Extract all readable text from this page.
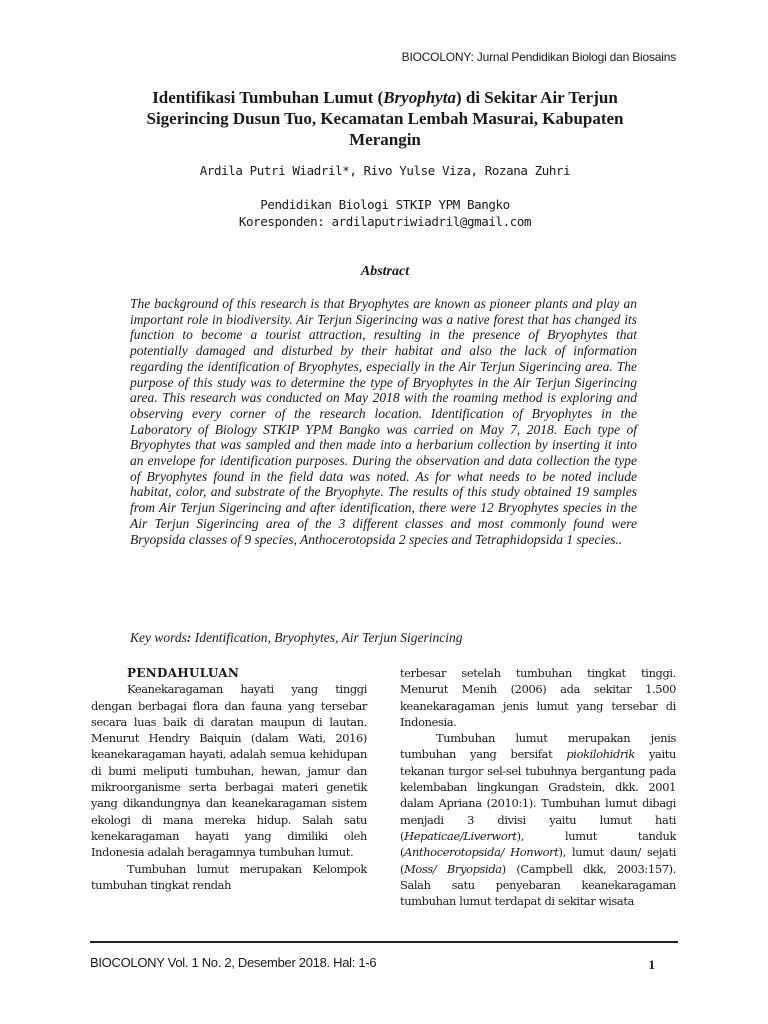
BIOCOLONY: Jurnal Pendidikan Biologi dan Biosains
Identifikasi Tumbuhan Lumut (Bryophyta) di Sekitar Air Terjun
Sigerincing Dusun Tuo, Kecamatan Lembah Masurai, Kabupaten
Merangin
Ardila Putri Wiadril*, Rivo Yulse Viza, Rozana Zuhri
Pendidikan Biologi STKIP YPM Bangko
Koresponden: ardilaputriwiadril@gmail.com
Abstract
The background of this research is that Bryophytes are known as pioneer plants and play an important role in biodiversity. Air Terjun Sigerincing was a native forest that has changed its function to become a tourist attraction, resulting in the presence of Bryophytes that potentially damaged and disturbed by their habitat and also the lack of information regarding the identification of Bryophytes, especially in the Air Terjun Sigerincing area. The purpose of this study was to determine the type of Bryophytes in the Air Terjun Sigerincing area. This research was conducted on May 2018 with the roaming method is exploring and observing every corner of the research location. Identification of Bryophytes in the Laboratory of Biology STKIP YPM Bangko was carried on May 7, 2018. Each type of Bryophytes that was sampled and then made into a herbarium collection by inserting it into an envelope for identification purposes. During the observation and data collection the type of Bryophytes found in the field data was noted. As for what needs to be noted include habitat, color, and substrate of the Bryophyte. The results of this study obtained 19 samples from Air Terjun Sigerincing and after identification, there were 12 Bryophytes species in the Air Terjun Sigerincing area of the 3 different classes and most commonly found were Bryopsida classes of 9 species, Anthocerotopsida 2 species and Tetraphidopsida 1 species..
Key words: Identification, Bryophytes, Air Terjun Sigerincing

PENDAHULUAN

Keanekaragaman hayati yang tinggi dengan berbagai flora dan fauna yang tersebar secara luas baik di daratan maupun di lautan. Menurut Hendry Baiquin (dalam Wati, 2016) keanekaragaman hayati, adalah semua kehidupan di bumi meliputi tumbuhan, hewan, jamur dan mikroorganisme serta berbagai materi genetik yang dikandungnya dan keanekaragaman sistem ekologi di mana mereka hidup. Salah satu kenekaragaman hayati yang dimiliki oleh Indonesia adalah beragamnya tumbuhan lumut.

Tumbuhan lumut merupakan Kelompok tumbuhan tingkat rendah

terbesar setelah tumbuhan tingkat tinggi. Menurut Menih (2006) ada sekitar 1.500 keanekaragaman jenis lumut yang tersebar di Indonesia.

Tumbuhan lumut merupakan jenis tumbuhan yang bersifat piokilohidrik yaitu tekanan turgor sel-sel tubuhnya bergantung pada kelembaban lingkungan Gradstein, dkk. 2001 dalam Apriana (2010:1). Tumbuhan lumut dibagi menjadi 3 divisi yaitu lumut hati (Hepaticae/Liverwort), lumut tanduk (Anthocerotopsida/ Honwort), lumut daun/ sejati (Moss/ Bryopsida) (Campbell dkk, 2003:157). Salah satu penyebaran keanekaragaman tumbuhan lumut terdapat di sekitar wisata

BIOCOLONY Vol. 1 No. 2, Desember 2018. Hal: 1-6	1
